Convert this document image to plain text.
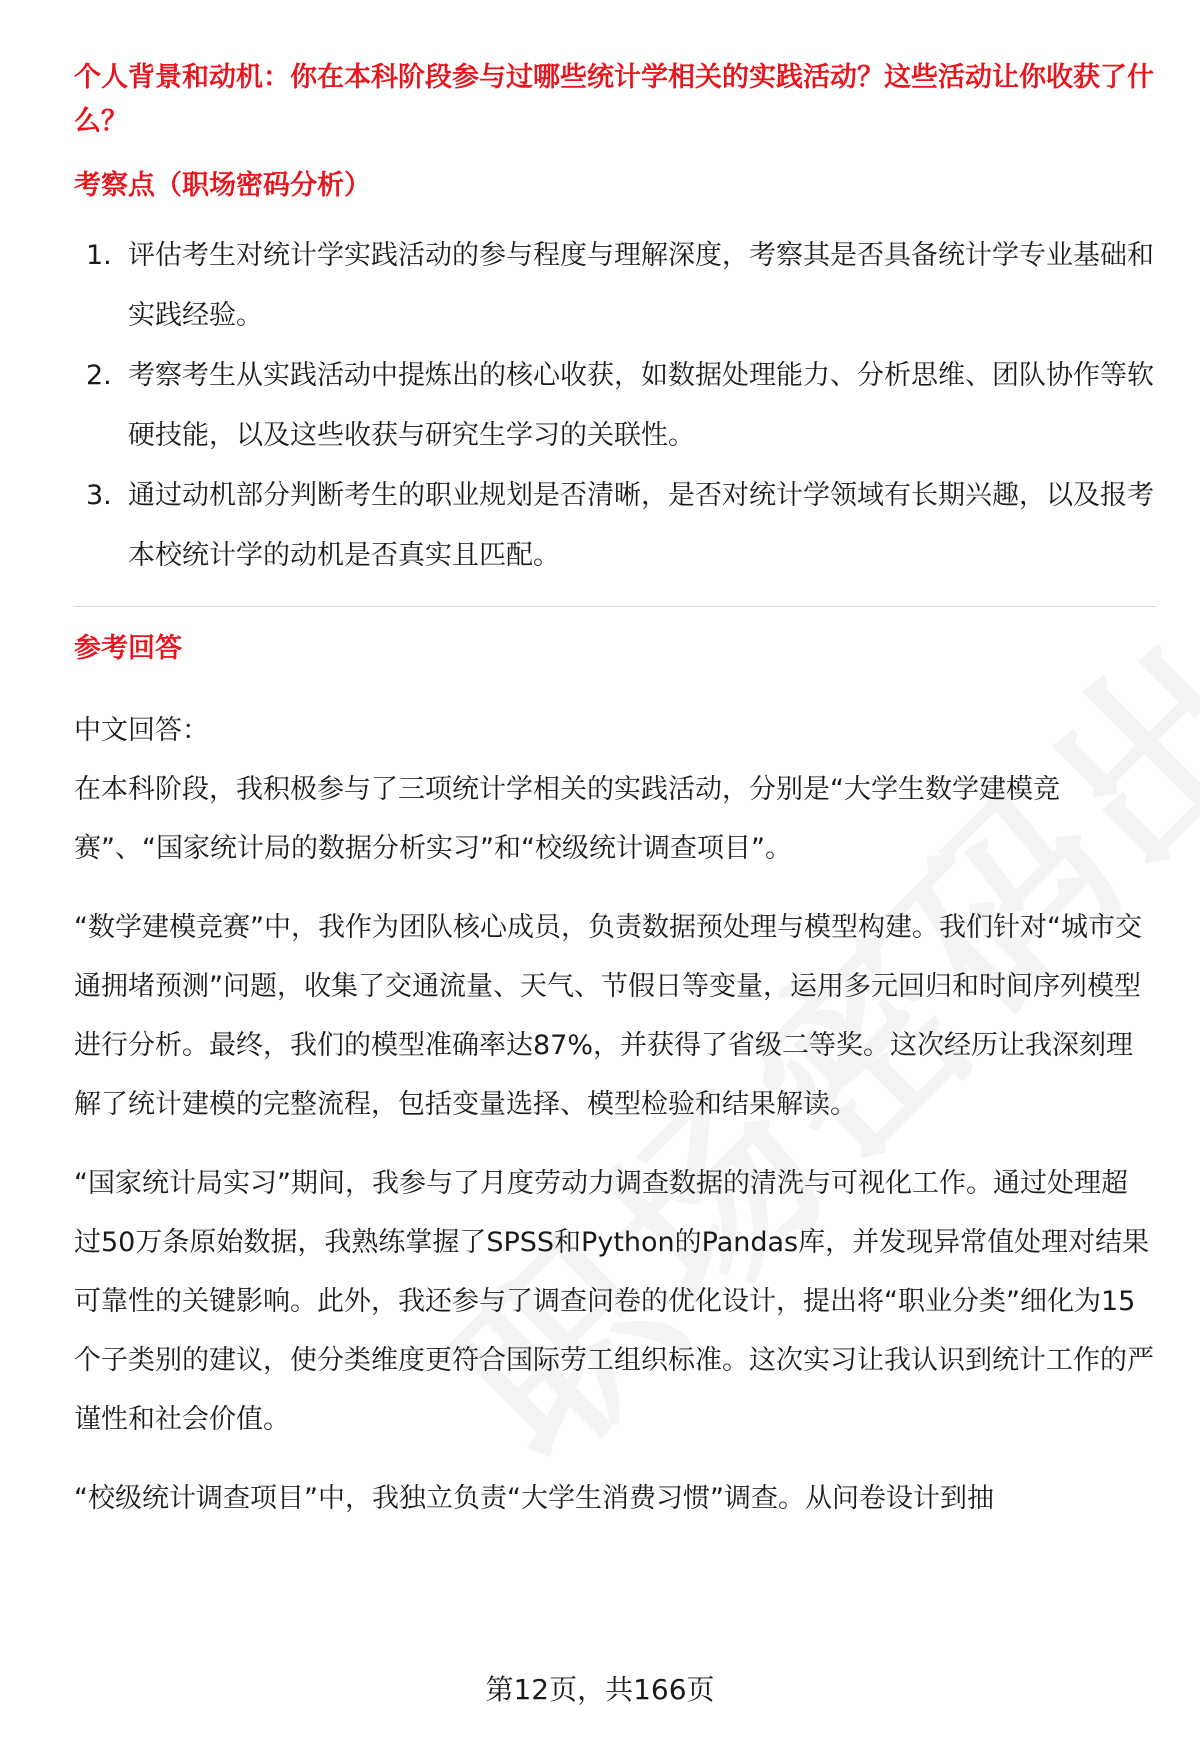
个人背景和动机：你在本科阶段参与过哪些统计学相关的实践活动？这些活动让你收获了什么？

考察点（职场密码分析）

1. 评估考生对统计学实践活动的参与程度与理解深度，考察其是否具备统计学专业基础和实践经验。
2. 考察考生从实践活动中提炼出的核心收获，如数据处理能力、分析思维、团队协作等软硬技能，以及这些收获与研究生学习的关联性。
3. 通过动机部分判断考生的职业规划是否清晰，是否对统计学领域有长期兴趣，以及报考本校统计学的动机是否真实且匹配。

参考回答

中文回答：

在本科阶段，我积极参与了三项统计学相关的实践活动，分别是“大学生数学建模竞赛”、“国家统计局的数据分析实习”和“校级统计调查项目”。

“数学建模竞赛”中，我作为团队核心成员，负责数据预处理与模型构建。我们针对“城市交通拥堵预测”问题，收集了交通流量、天气、节假日等变量，运用多元回归和时间序列模型进行分析。最终，我们的模型准确率达87%，并获得了省级二等奖。这次经历让我深刻理解了统计建模的完整流程，包括变量选择、模型检验和结果解读。

“国家统计局实习”期间，我参与了月度劳动力调查数据的清洗与可视化工作。通过处理超过50万条原始数据，我熟练掌握了SPSS和Python的Pandas库，并发现异常值处理对结果可靠性的关键影响。此外，我还参与了调查问卷的优化设计，提出将“职业分类”细化为15个子类别的建议，使分类维度更符合国际劳工组织标准。这次实习让我认识到统计工作的严谨性和社会价值。

“校级统计调查项目”中，我独立负责“大学生消费习惯”调查。从问卷设计到抽

第12页，共166页
